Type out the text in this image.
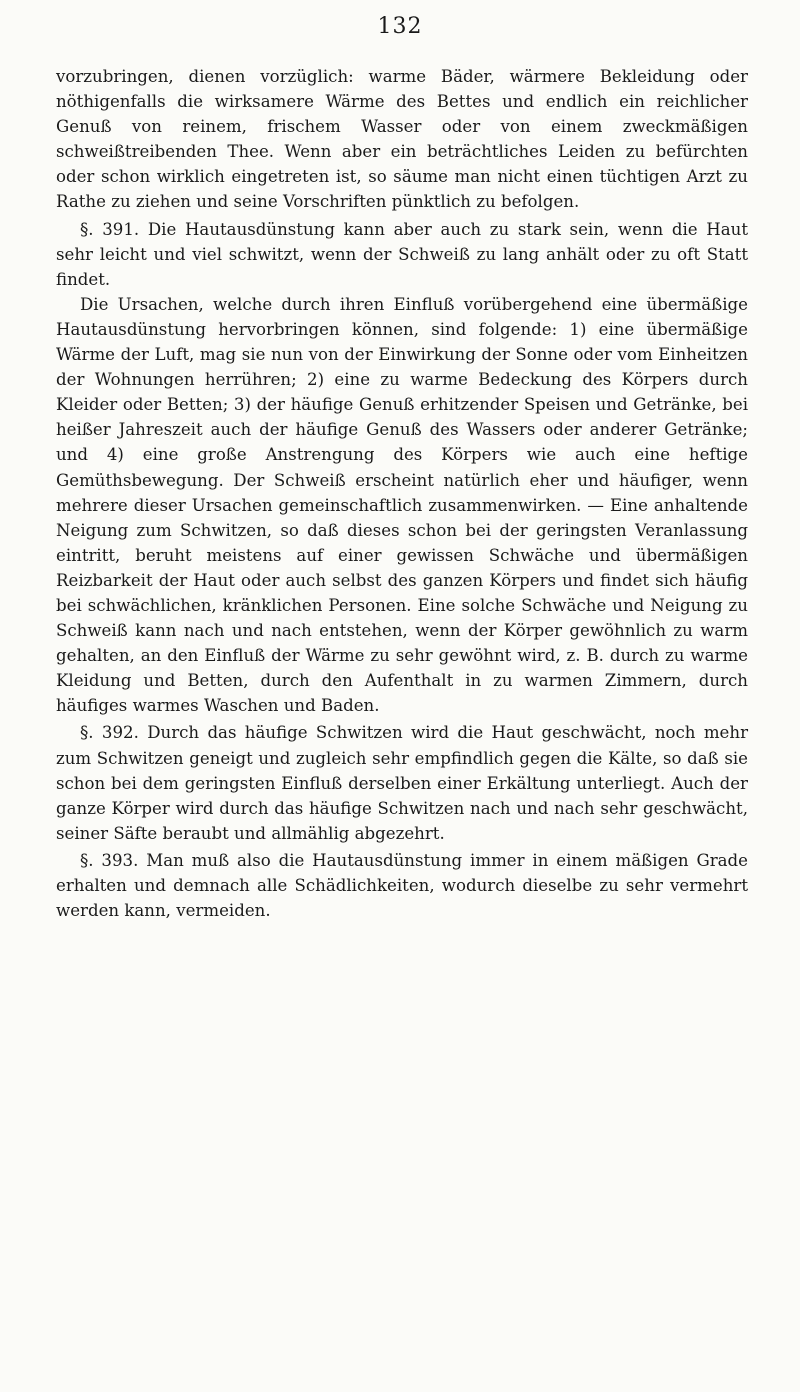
132

vorzubringen, dienen vorzüglich: warme Bäder, wärmere Bekleidung oder nöthigenfalls die wirksamere Wärme des Bettes und endlich ein reichlicher Genuß von reinem, frischem Wasser oder von einem zweckmäßigen schweißtreibenden Thee. Wenn aber ein beträchtliches Leiden zu befürchten oder schon wirklich eingetreten ist, so säume man nicht einen tüchtigen Arzt zu Rathe zu ziehen und seine Vorschriften pünktlich zu befolgen.

§. 391. Die Hautausdünstung kann aber auch zu stark sein, wenn die Haut sehr leicht und viel schwitzt, wenn der Schweiß zu lang anhält oder zu oft Statt findet.

Die Ursachen, welche durch ihren Einfluß vorübergehend eine übermäßige Hautausdünstung hervorbringen können, sind folgende: 1) eine übermäßige Wärme der Luft, mag sie nun von der Einwirkung der Sonne oder vom Einheitzen der Wohnungen herrühren; 2) eine zu warme Bedeckung des Körpers durch Kleider oder Betten; 3) der häufige Genuß erhitzender Speisen und Getränke, bei heißer Jahreszeit auch der häufige Genuß des Wassers oder anderer Getränke; und 4) eine große Anstrengung des Körpers wie auch eine heftige Gemüthsbewegung. Der Schweiß erscheint natürlich eher und häufiger, wenn mehrere dieser Ursachen gemeinschaftlich zusammenwirken. — Eine anhaltende Neigung zum Schwitzen, so daß dieses schon bei der geringsten Veranlassung eintritt, beruht meistens auf einer gewissen Schwäche und übermäßigen Reizbarkeit der Haut oder auch selbst des ganzen Körpers und findet sich häufig bei schwächlichen, kränklichen Personen. Eine solche Schwäche und Neigung zu Schweiß kann nach und nach entstehen, wenn der Körper gewöhnlich zu warm gehalten, an den Einfluß der Wärme zu sehr gewöhnt wird, z. B. durch zu warme Kleidung und Betten, durch den Aufenthalt in zu warmen Zimmern, durch häufiges warmes Waschen und Baden.

§. 392. Durch das häufige Schwitzen wird die Haut geschwächt, noch mehr zum Schwitzen geneigt und zugleich sehr empfindlich gegen die Kälte, so daß sie schon bei dem geringsten Einfluß derselben einer Erkältung unterliegt. Auch der ganze Körper wird durch das häufige Schwitzen nach und nach sehr geschwächt, seiner Säfte beraubt und allmählig abgezehrt.

§. 393. Man muß also die Hautausdünstung immer in einem mäßigen Grade erhalten und demnach alle Schädlichkeiten, wodurch dieselbe zu sehr vermehrt werden kann, vermeiden.
